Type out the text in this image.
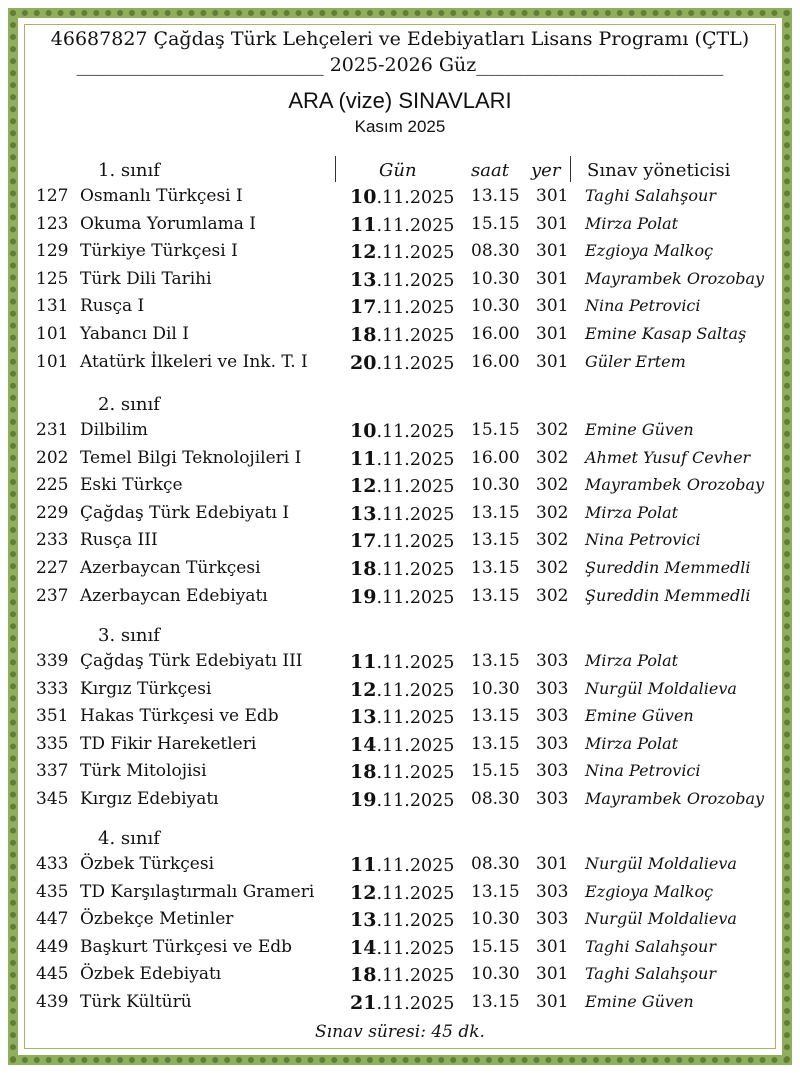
46687827 Çağdaş Türk Lehçeleri ve Edebiyatları Lisans Programı (ÇTL)
__________________________ 2025-2026 Güz__________________________
ARA (vize) SINAVLARI
Kasım 2025
1. sınıf	Gün	saat yer Sınav yöneticisi
127 Osmanlı Türkçesi I	10.11.2025 13.15 301 Taghi Salahşour
123 Okuma Yorumlama I	11.11.2025 15.15 301 Mirza Polat
129 Türkiye Türkçesi I	12.11.2025 08.30 301 Ezgioya Malkoç
125 Türk Dili Tarihi	13.11.2025 10.30 301 Mayrambek Orozobay
131 Rusça I	17.11.2025 10.30 301 Nina Petrovici
101 Yabancı Dil I	18.11.2025 16.00 301 Emine Kasap Saltaş
101 Atatürk İlkeleri ve Ink. T. I 20.11.2025 16.00 301 Güler Ertem
2. sınıf
231 Dilbilim	10.11.2025 15.15 302 Emine Güven
202 Temel Bilgi Teknolojileri I	11.11.2025 16.00 302 Ahmet Yusuf Cevher
225 Eski Türkçe	12.11.2025 10.30 302 Mayrambek Orozobay
229 Çağdaş Türk Edebiyatı I	13.11.2025 13.15 302 Mirza Polat
233 Rusça III	17.11.2025 13.15 302 Nina Petrovici
227 Azerbaycan Türkçesi	18.11.2025 13.15 302 Şureddin Memmedli
237 Azerbaycan Edebiyatı	19.11.2025 13.15 302 Şureddin Memmedli
3. sınıf
339 Çağdaş Türk Edebiyatı III 11.11.2025 13.15 303 Mirza Polat
333 Kırgız Türkçesi	12.11.2025 10.30 303 Nurgül Moldalieva
351 Hakas Türkçesi ve Edb	13.11.2025 13.15 303 Emine Güven
335 TD Fikir Hareketleri	14.11.2025 13.15 303 Mirza Polat
337 Türk Mitolojisi	18.11.2025 15.15 303 Nina Petrovici
345 Kırgız Edebiyatı	19.11.2025 08.30 303 Mayrambek Orozobay
4. sınıf
433 Özbek Türkçesi	11.11.2025 08.30 301 Nurgül Moldalieva
435 TD Karşılaştırmalı Grameri 12.11.2025 13.15 303 Ezgioya Malkoç
447 Özbekçe Metinler	13.11.2025 10.30 303 Nurgül Moldalieva
449 Başkurt Türkçesi ve Edb	14.11.2025 15.15 301 Taghi Salahşour
445 Özbek Edebiyatı	18.11.2025 10.30 301 Taghi Salahşour
439 Türk Kültürü	21.11.2025 13.15 301 Emine Güven
Sınav süresi: 45 dk.
